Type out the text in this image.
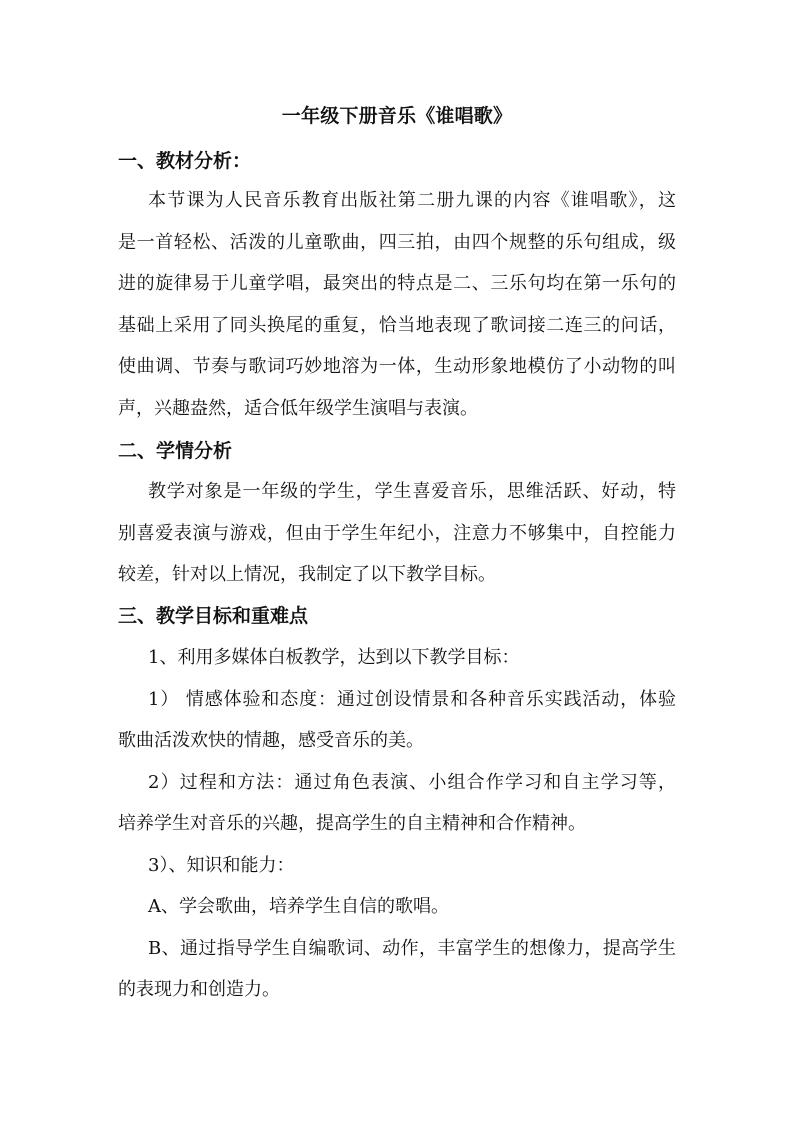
一年级下册音乐《谁唱歌》
一、教材分析：
本节课为人民音乐教育出版社第二册九课的内容《谁唱歌》，这
是一首轻松、活泼的儿童歌曲，四三拍，由四个规整的乐句组成，级
进的旋律易于儿童学唱，最突出的特点是二、三乐句均在第一乐句的
基础上采用了同头换尾的重复，恰当地表现了歌词接二连三的问话，
使曲调、节奏与歌词巧妙地溶为一体，生动形象地模仿了小动物的叫
声，兴趣盎然，适合低年级学生演唱与表演。
二、学情分析
教学对象是一年级的学生，学生喜爱音乐，思维活跃、好动，特
别喜爱表演与游戏，但由于学生年纪小，注意力不够集中，自控能力
较差，针对以上情况，我制定了以下教学目标。
三、教学目标和重难点
1、利用多媒体白板教学，达到以下教学目标：
1） 情感体验和态度：通过创设情景和各种音乐实践活动，体验
歌曲活泼欢快的情趣，感受音乐的美。
2）过程和方法：通过角色表演、小组合作学习和自主学习等，
培养学生对音乐的兴趣，提高学生的自主精神和合作精神。
3）、知识和能力：
A、学会歌曲，培养学生自信的歌唱。
B、通过指导学生自编歌词、动作，丰富学生的想像力，提高学生
的表现力和创造力。
